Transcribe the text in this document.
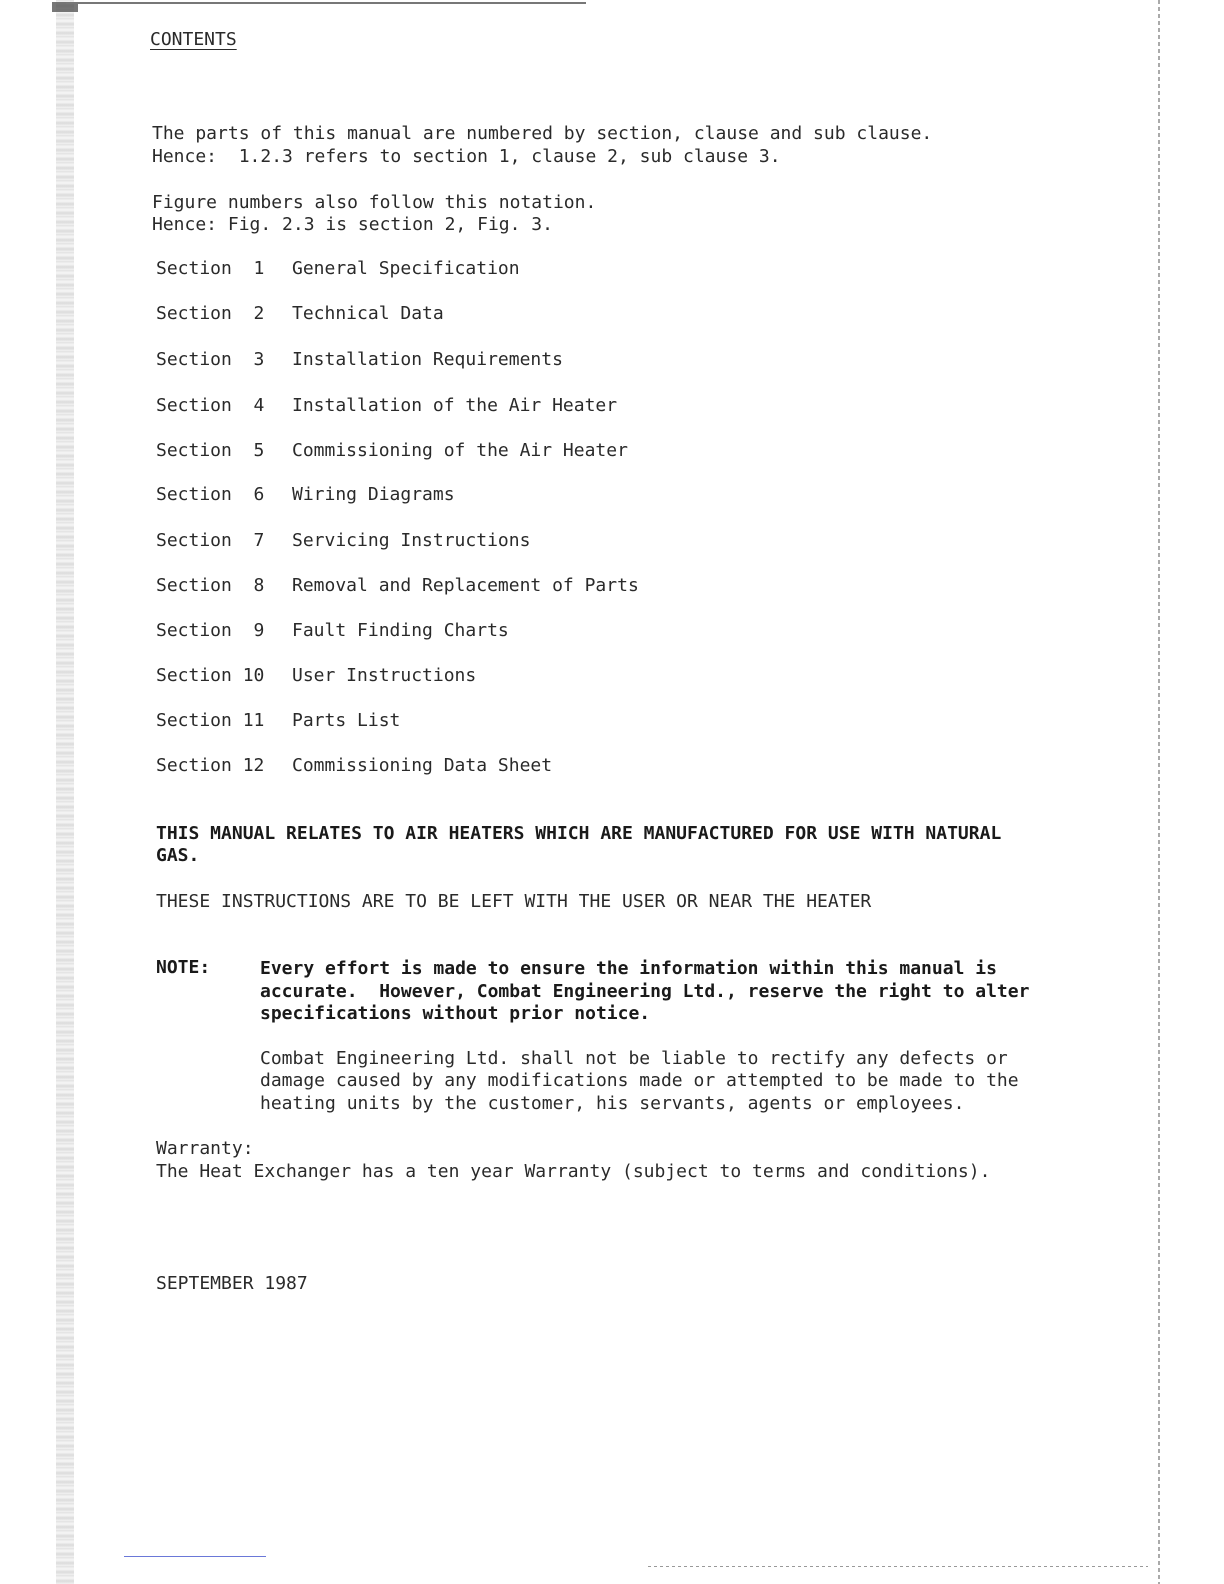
CONTENTS
The parts of this manual are numbered by section, clause and sub clause.
Hence:  1.2.3 refers to section 1, clause 2, sub clause 3.
Figure numbers also follow this notation.
Hence: Fig. 2.3 is section 2, Fig. 3.
Section  1	General Specification
Section  2	Technical Data
Section  3	Installation Requirements
Section  4	Installation of the Air Heater
Section  5	Commissioning of the Air Heater
Section  6	Wiring Diagrams
Section  7	Servicing Instructions
Section  8	Removal and Replacement of Parts
Section  9	Fault Finding Charts
Section 10	User Instructions
Section 11	Parts List
Section 12	Commissioning Data Sheet
THIS MANUAL RELATES TO AIR HEATERS WHICH ARE MANUFACTURED FOR USE WITH NATURAL
GAS.
THESE INSTRUCTIONS ARE TO BE LEFT WITH THE USER OR NEAR THE HEATER
NOTE:	Every effort is made to ensure the information within this manual is
accurate.  However, Combat Engineering Ltd., reserve the right to alter
specifications without prior notice.
Combat Engineering Ltd. shall not be liable to rectify any defects or
damage caused by any modifications made or attempted to be made to the
heating units by the customer, his servants, agents or employees.
Warranty:
The Heat Exchanger has a ten year Warranty (subject to terms and conditions).
SEPTEMBER 1987
